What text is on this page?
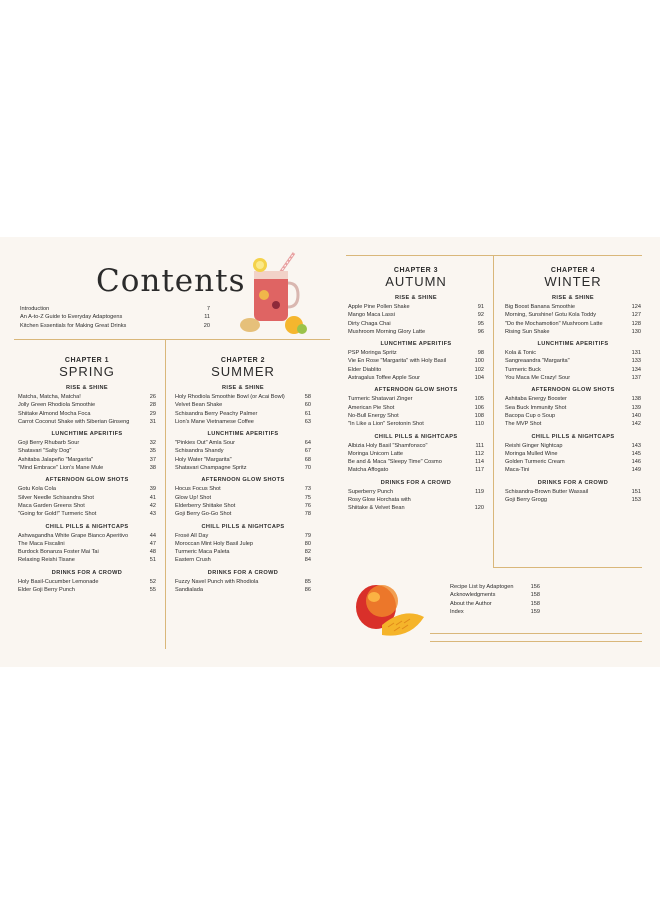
Contents
Introduction	7
An A-to-Z Guide to Everyday Adaptogens	11
Kitchen Essentials for Making Great Drinks	20
CHAPTER 1
SPRING
RISE & SHINE
Matcha, Matcha, Matcha!	26
Jolly Green Rhodiola Smoothie	28
Shiitake Almond Mocha Foca	29
Carrot Coconut Shake with Siberian Ginseng	31
LUNCHTIME APERITIFS
Goji Berry Rhubarb Sour	32
Shatavari "Salty Dog"	35
Ashitaba Jalapeño "Margarita"	37
"Mind Embrace" Lion's Mane Mule	38
AFTERNOON GLOW SHOTS
Gotu Kola Cola	39
Silver Needle Schisandra Shot	41
Maca Garden Greens Shot	42
"Going for Gold!" Turmeric Shot	43
CHILL PILLS & NIGHTCAPS
Ashwagandha White Grape Bianco Aperitivo	44
The Maca Fiscalini	47
Burdock Bonanza Foster Mai Tai	48
Relaxing Reishi Tisane	51
DRINKS FOR A CROWD
Holy Basil-Cucumber Lemonade	52
Elder Goji Berry Punch	55
CHAPTER 2
SUMMER
RISE & SHINE
Holy Rhodiola Smoothie Bowl (or Acai Bowl)	58
Velvet Bean Shake	60
Schisandra Berry Peachy Palmer	61
Lion's Mane Vietnamese Coffee	63
LUNCHTIME APERITIFS
"Pinkies Out" Amla Sour	64
Schisandra Shandy	67
Holy Water "Margarita"	68
Shatavari Champagne Spritz	70
AFTERNOON GLOW SHOTS
Hocus Focus Shot	73
Glow Up! Shot	75
Elderberry Shiitake Shot	76
Goji Berry Go-Go Shot	78
CHILL PILLS & NIGHTCAPS
Frosé All Day	79
Moroccan Mint Holy Basil Julep	80
Turmeric Maca Paleta	82
Eastern Crush	84
DRINKS FOR A CROWD
Fuzzy Navel Punch with Rhodiola	85
Sandialada	86
CHAPTER 3
AUTUMN
RISE & SHINE
Apple Pine Pollen Shake	91
Mango Maca Lassi	92
Dirty Chaga Chai	95
Mushroom Morning Glory Latte	96
LUNCHTIME APERITIFS
PSP Moringa Spritz	98
Vie En Rose "Margarita" with Holy Basil	100
Elder Diablito	102
Astragalus Toffee Apple Sour	104
AFTERNOON GLOW SHOTS
Turmeric Shatavari Zinger	105
American Pie Shot	106
No-Bull Energy Shot	108
"In Like a Lion" Serotonin Shot	110
CHILL PILLS & NIGHTCAPS
Albizia Holy Basil "Shamfonsco"	111
Moringa Unicorn Latte	112
Be and & Maca "Sleepy Time" Cosmo	114
Matcha Affogato	117
DRINKS FOR A CROWD
Superberry Punch	119
Rosy Glow Horchata with
Shiitake & Velvet Bean	120
CHAPTER 4
WINTER
RISE & SHINE
Big Boost Banana Smoothie	124
Morning, Sunshine! Gotu Kola Toddy	127
"Do the Mochamotion" Mushroom Latte	128
Rising Sun Shake	130
LUNCHTIME APERITIFS
Kola & Tonic	131
Sangreaandra "Margarita"	133
Turmeric Buck	134
You Maca Me Crazy! Sour	137
AFTERNOON GLOW SHOTS
Ashitaba Energy Booster	138
Sea Buck Immunity Shot	139
Bacopa Cup o Soup	140
The MVP Shot	142
CHILL PILLS & NIGHTCAPS
Reishi Ginger Nightcap	143
Moringa Mulled Wine	145
Golden Turmeric Cream	146
Maca-Tini	149
DRINKS FOR A CROWD
Schisandra-Brown Butter Wassail	151
Goji Berry Grogg	153
Recipe List by Adaptogen	156
Acknowledgments	158
About the Author	158
Index	159
